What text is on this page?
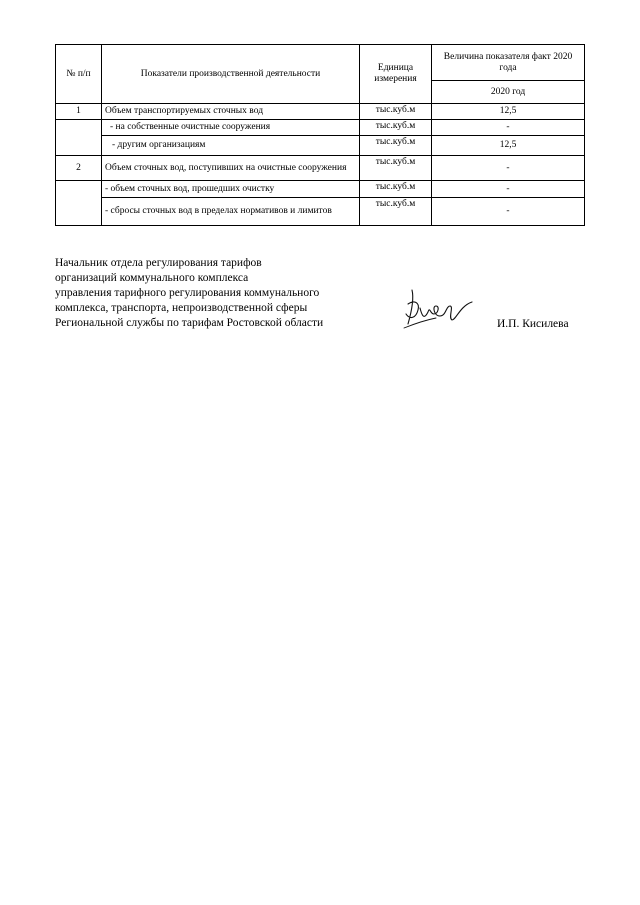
№ п/п	Показатели производственной деятельности	Единица измерения	Величина показателя факт 2020 года
			2020 год
1	Объем транспортируемых сточных вод	тыс.куб.м	12,5
	- на собственные очистные сооружения	тыс.куб.м	-
	- другим организациям	тыс.куб.м	12,5
2	Объем сточных вод, поступивших на очистные сооружения	тыс.куб.м	-
	- объем сточных вод, прошедших очистку	тыс.куб.м	-
	- сбросы сточных вод в пределах нормативов и лимитов	тыс.куб.м	-
Начальник отдела регулирования тарифов
организаций коммунального комплекса
управления тарифного регулирования коммунального
комплекса, транспорта, непроизводственной сферы
Региональной службы по тарифам Ростовской области	И.П. Кисилева
